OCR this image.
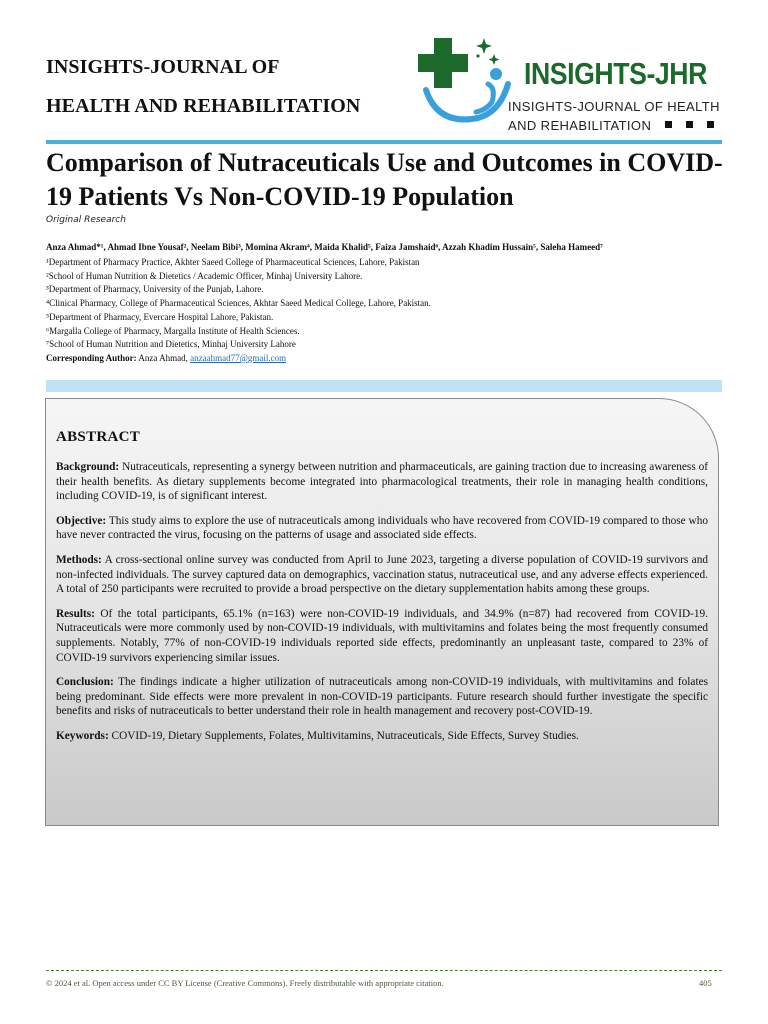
INSIGHTS-JOURNAL OF
HEALTH AND REHABILITATION
INSIGHTS-JHR
INSIGHTS-JOURNAL OF HEALTH
AND REHABILITATION
Comparison of Nutraceuticals Use and Outcomes in COVID-19 Patients Vs Non-COVID-19 Population
Original Research
Anza Ahmad*¹, Ahmad Ibne Yousaf², Neelam Bibi³, Momina Akram⁴, Maida Khalid⁵, Faiza Jamshaid⁶, Azzah Khadim Hussain⁵, Saleha Hameed⁷
¹Department of Pharmacy Practice, Akhter Saeed College of Pharmaceutical Sciences, Lahore, Pakistan
²School of Human Nutrition & Dietetics / Academic Officer, Minhaj University Lahore.
³Department of Pharmacy, University of the Punjab, Lahore.
⁴Clinical Pharmacy, College of Pharmaceutical Sciences, Akhtar Saeed Medical College, Lahore, Pakistan.
⁵Department of Pharmacy, Evercare Hospital Lahore, Pakistan.
⁶Margalla College of Pharmacy, Margalla Institute of Health Sciences.
⁷School of Human Nutrition and Dietetics, Minhaj University Lahore
Corresponding Author: Anza Ahmad, anzaahmad77@gmail.com
ABSTRACT

Background: Nutraceuticals, representing a synergy between nutrition and pharmaceuticals, are gaining traction due to increasing awareness of their health benefits. As dietary supplements become integrated into pharmacological treatments, their role in managing health conditions, including COVID-19, is of significant interest.

Objective: This study aims to explore the use of nutraceuticals among individuals who have recovered from COVID-19 compared to those who have never contracted the virus, focusing on the patterns of usage and associated side effects.

Methods: A cross-sectional online survey was conducted from April to June 2023, targeting a diverse population of COVID-19 survivors and non-infected individuals. The survey captured data on demographics, vaccination status, nutraceutical use, and any adverse effects experienced. A total of 250 participants were recruited to provide a broad perspective on the dietary supplementation habits among these groups.

Results: Of the total participants, 65.1% (n=163) were non-COVID-19 individuals, and 34.9% (n=87) had recovered from COVID-19. Nutraceuticals were more commonly used by non-COVID-19 individuals, with multivitamins and folates being the most frequently consumed supplements. Notably, 77% of non-COVID-19 individuals reported side effects, predominantly an unpleasant taste, compared to 23% of COVID-19 survivors experiencing similar issues.

Conclusion: The findings indicate a higher utilization of nutraceuticals among non-COVID-19 individuals, with multivitamins and folates being predominant. Side effects were more prevalent in non-COVID-19 participants. Future research should further investigate the specific benefits and risks of nutraceuticals to better understand their role in health management and recovery post-COVID-19.

Keywords: COVID-19, Dietary Supplements, Folates, Multivitamins, Nutraceuticals, Side Effects, Survey Studies.

© 2024 et al. Open access under CC BY License (Creative Commons). Freely distributable with appropriate citation.	405
